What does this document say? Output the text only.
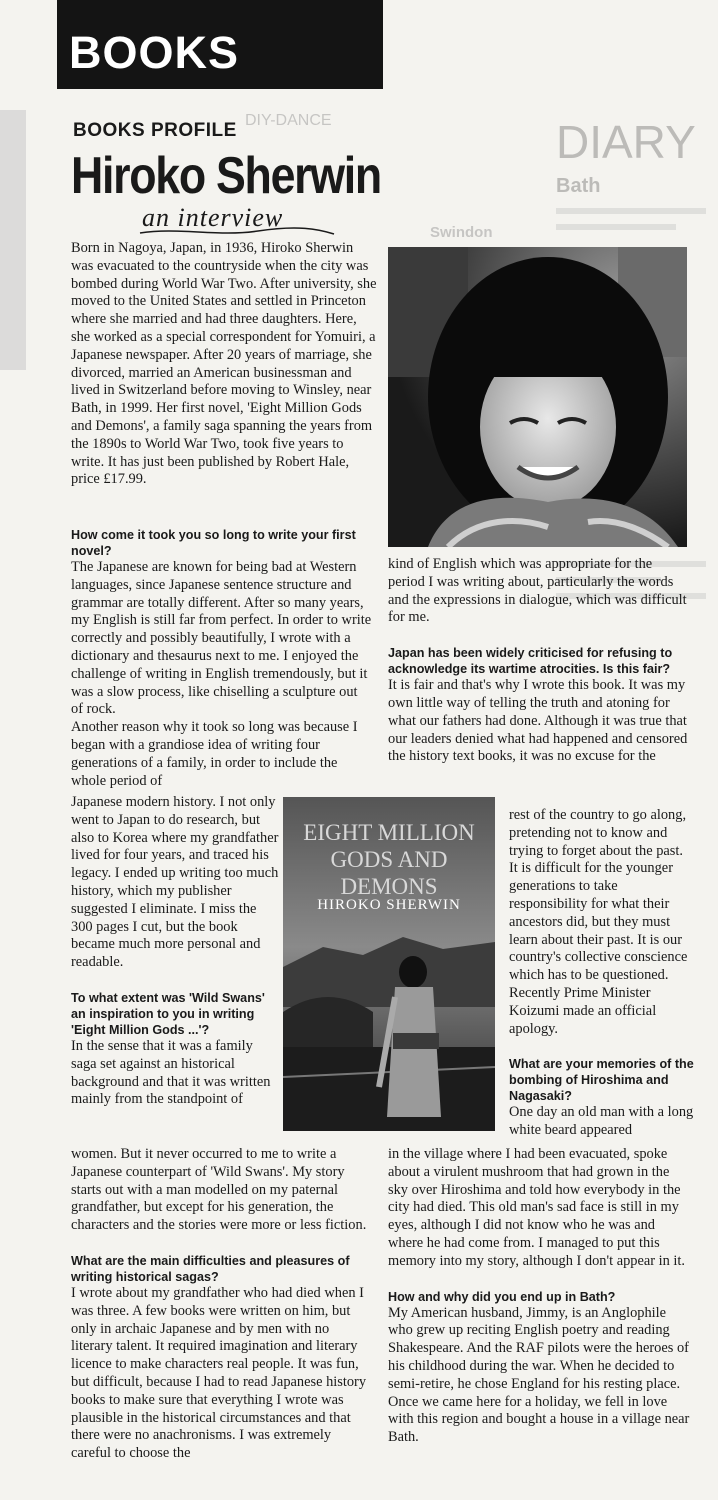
DIARY
Bath
DIY-DANCE
Swindon
BOOKS
BOOKS PROFILE
Hiroko Sherwin
an interview
EIGHT MILLION
GODS AND DEMONS
HIROKO SHERWIN

Born in Nagoya, Japan, in 1936, Hiroko Sherwin was evacuated to the countryside when the city was bombed during World War Two. After university, she moved to the United States and settled in Princeton where she married and had three daughters. Here, she worked as a special correspondent for Yomuiri, a Japanese newspaper. After 20 years of marriage, she divorced, married an American businessman and lived in Switzerland before moving to Winsley, near Bath, in 1999. Her first novel, 'Eight Million Gods and Demons', a family saga spanning the years from the 1890s to World War Two, took five years to write. It has just been published by Robert Hale, price £17.99.

How come it took you so long to write your first novel?

The Japanese are known for being bad at Western languages, since Japanese sentence structure and grammar are totally different. After so many years, my English is still far from perfect. In order to write correctly and possibly beautifully, I wrote with a dictionary and thesaurus next to me. I enjoyed the challenge of writing in English tremendously, but it was a slow process, like chiselling a sculpture out of rock.

Another reason why it took so long was because I began with a grandiose idea of writing four generations of a family, in order to include the whole period of

Japanese modern history. I not only went to Japan to do research, but also to Korea where my grandfather lived for four years, and traced his legacy. I ended up writing too much history, which my publisher suggested I eliminate. I miss the 300 pages I cut, but the book became much more personal and readable.

To what extent was 'Wild Swans' an inspiration to you in writing 'Eight Million Gods ...'?

In the sense that it was a family saga set against an historical background and that it was written mainly from the standpoint of

women. But it never occurred to me to write a Japanese counterpart of 'Wild Swans'. My story starts out with a man modelled on my paternal grandfather, but except for his generation, the characters and the stories were more or less fiction.

What are the main difficulties and pleasures of writing historical sagas?

I wrote about my grandfather who had died when I was three. A few books were written on him, but only in archaic Japanese and by men with no literary talent. It required imagination and literary licence to make characters real people. It was fun, but difficult, because I had to read Japanese history books to make sure that everything I wrote was plausible in the historical circumstances and that there were no anachronisms. I was extremely careful to choose the

kind of English which was appropriate for the period I was writing about, particularly the words and the expressions in dialogue, which was difficult for me.

Japan has been widely criticised for refusing to acknowledge its wartime atrocities. Is this fair?

It is fair and that's why I wrote this book. It was my own little way of telling the truth and atoning for what our fathers had done. Although it was true that our leaders denied what had happened and censored the history text books, it was no excuse for the

rest of the country to go along, pretending not to know and trying to forget about the past. It is difficult for the younger generations to take responsibility for what their ancestors did, but they must learn about their past. It is our country's collective conscience which has to be questioned. Recently Prime Minister Koizumi made an official apology.

What are your memories of the bombing of Hiroshima and Nagasaki?

One day an old man with a long white beard appeared

in the village where I had been evacuated, spoke about a virulent mushroom that had grown in the sky over Hiroshima and told how everybody in the city had died. This old man's sad face is still in my eyes, although I did not know who he was and where he had come from. I managed to put this memory into my story, although I don't appear in it.

How and why did you end up in Bath?

My American husband, Jimmy, is an Anglophile who grew up reciting English poetry and reading Shakespeare. And the RAF pilots were the heroes of his childhood during the war. When he decided to semi-retire, he chose England for his resting place. Once we came here for a holiday, we fell in love with this region and bought a house in a village near Bath.
